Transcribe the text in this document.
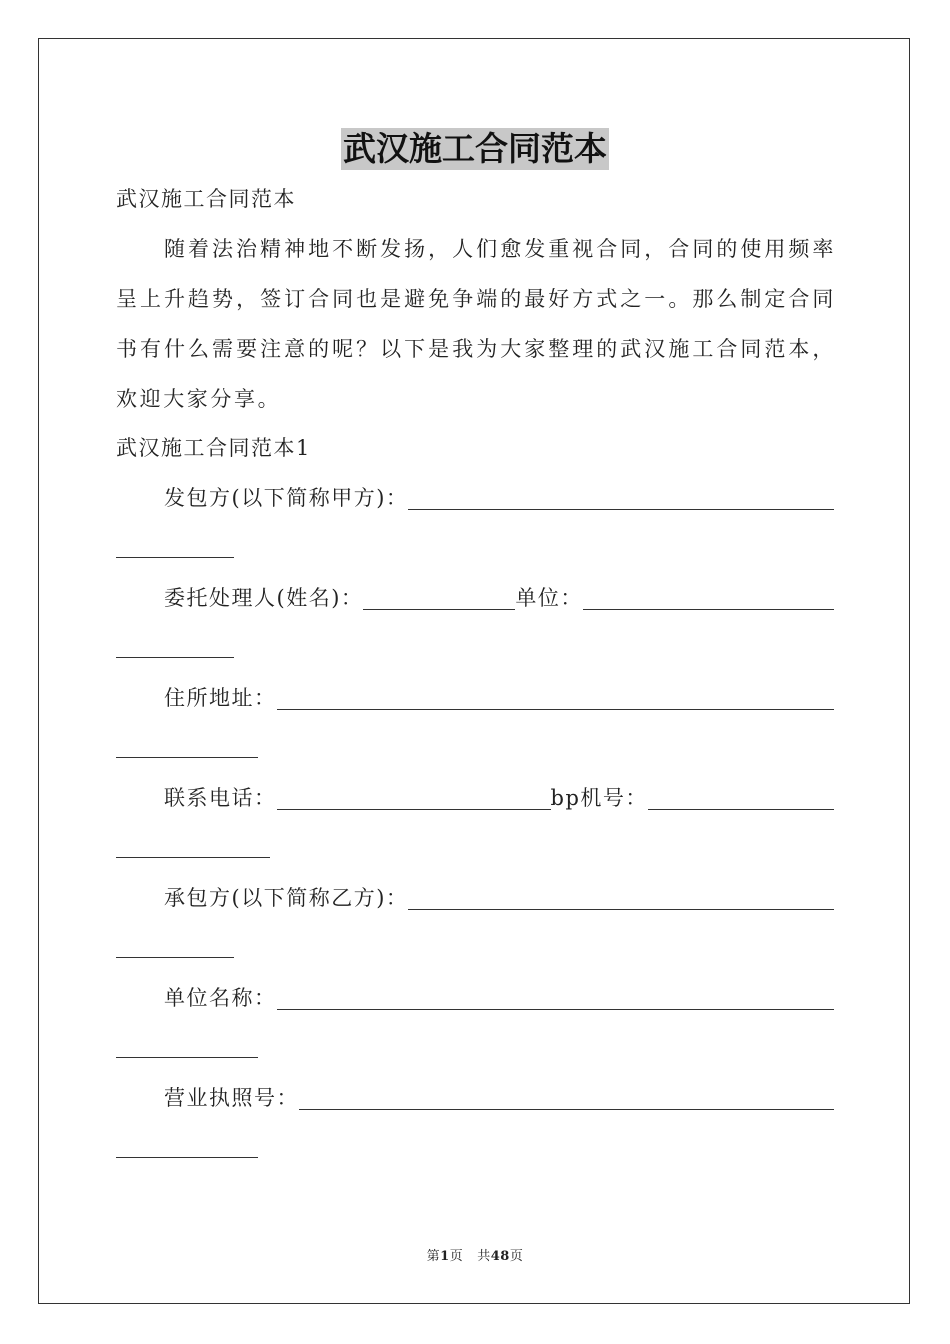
武汉施工合同范本
武汉施工合同范本
随着法治精神地不断发扬，人们愈发重视合同，合同的使用频率呈上升趋势，签订合同也是避免争端的最好方式之一。那么制定合同书有什么需要注意的呢？以下是我为大家整理的武汉施工合同范本，欢迎大家分享。
武汉施工合同范本1
发包方(以下简称甲方)：
委托处理人(姓名)：	单位：
住所地址：
联系电话：	bp机号：
承包方(以下简称乙方)：
单位名称：
营业执照号：
第1页 共48页
